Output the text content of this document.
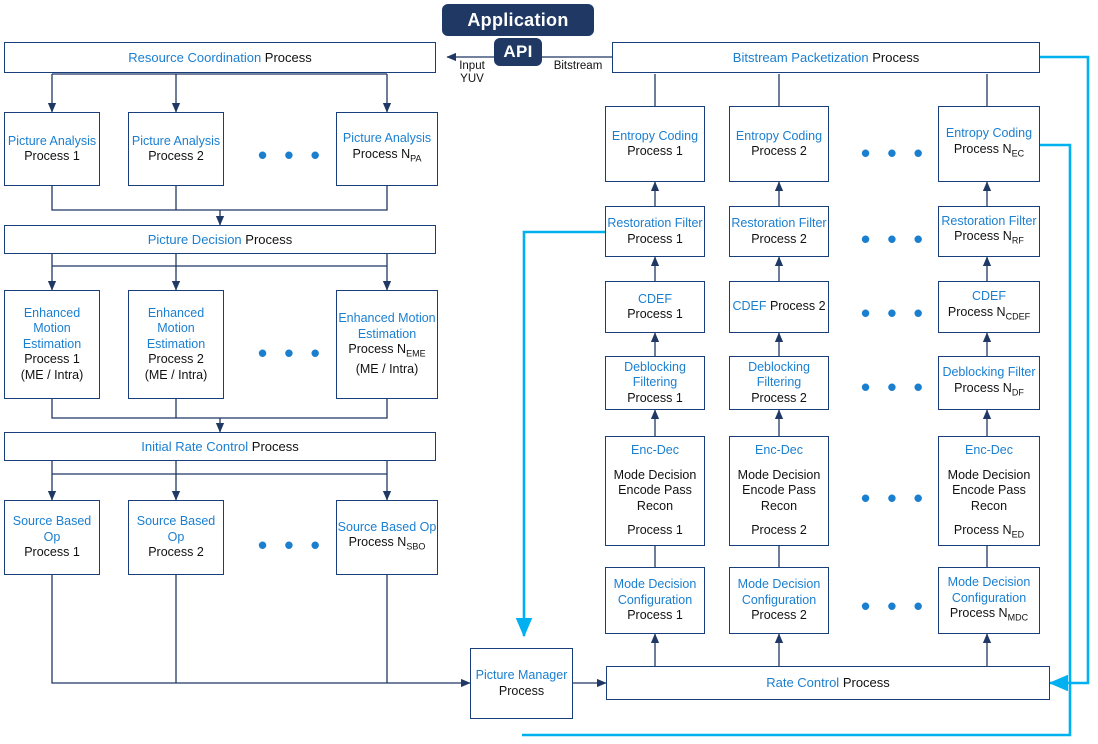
Application
API
Input
YUV
Bitstream
Resource Coordination Process
Picture Analysis
Process 1
Picture Analysis
Process 2 • • •
Picture Analysis
Process $N_{PA}$
Picture Decision Process
Enhanced Motion Estimation
Process 1
(ME / Intra)
Enhanced Motion Estimation
Process 2
(ME / Intra)
• • •
Enhanced Motion Estimation
Process $N_{EME}$
(ME / Intra)
Initial Rate Control Process
Source Based Op
Process 1
Source Based Op
Process 2 • • •
Source Based Op
Process $N_{SBO}$
Bitstream Packetization Process
Entropy Coding
Process 1
Entropy Coding
Process 2 • • •
Entropy Coding
Process $N_{EC}$
Restoration Filter
Process 1
Restoration Filter
Process 2 • • •
Restoration Filter
Process $N_{RF}$
CDEF
Process 1
CDEF Process 2 • • •
CDEF
Process $N_{CDEF}$
Deblocking Filtering
Process 1
Deblocking Filtering
Process 2 • • • Deblocking Filter
Process $N_{DF}$
Enc-Dec
Mode Decision
Encode Pass
Recon
Process 1
Enc-Dec
Mode Decision
Encode Pass
Recon
Process 2
• • •
Enc-Dec
Mode Decision
Encode Pass
Recon
Process $N_{ED}$
Mode Decision Configuration
Process 1
Mode Decision Configuration
Process 2 • • •
Mode Decision Configuration
Process $N_{MDC}$
Picture Manager
Process
Rate Control Process
